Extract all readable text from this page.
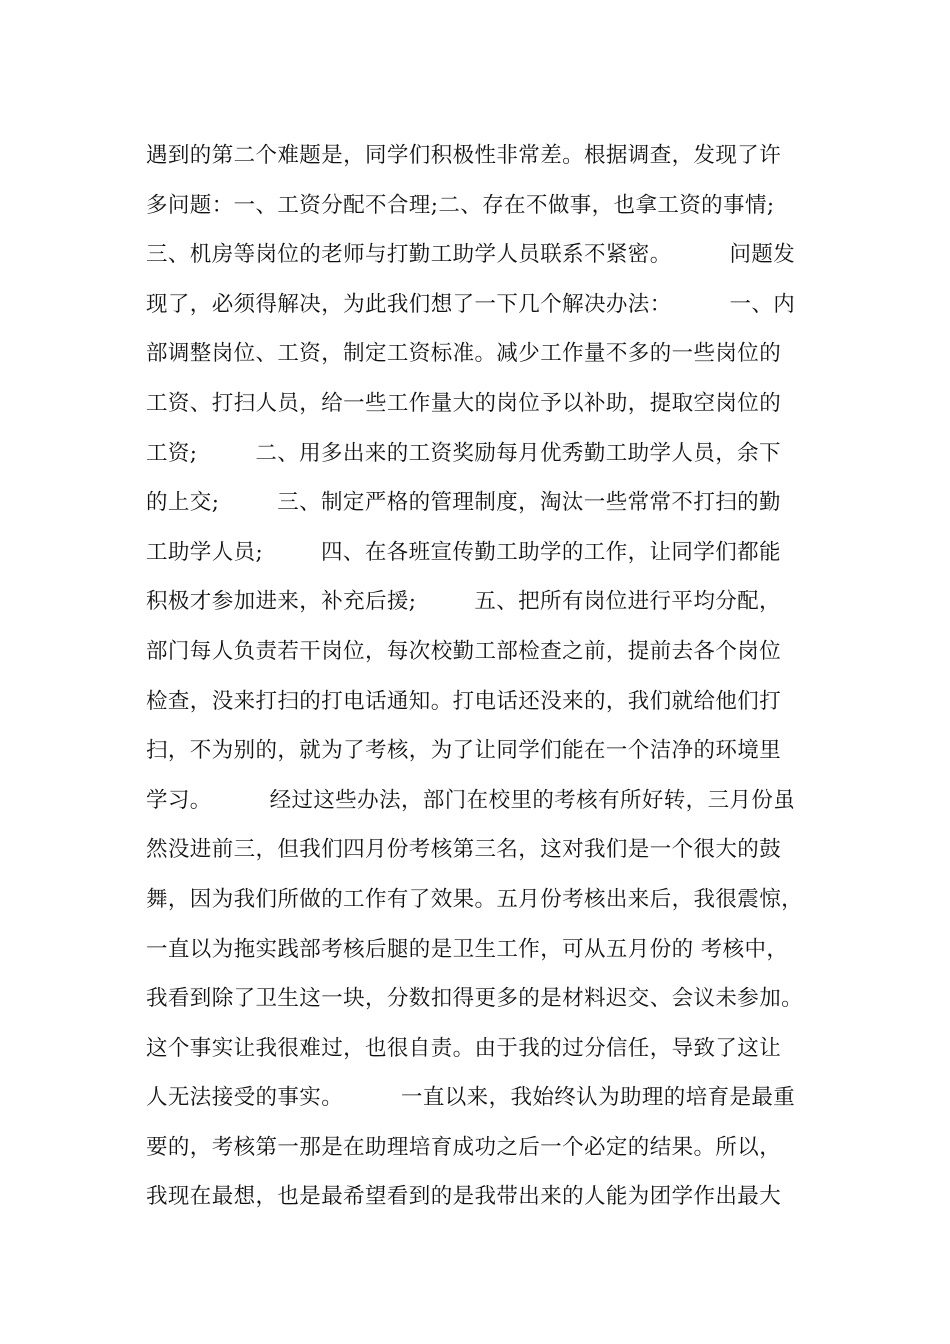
遇到的第二个难题是，同学们积极性非常差。根据调查，发现了许
多问题：一、工资分配不合理;二、存在不做事，也拿工资的事情;
三、机房等岗位的老师与打勤工助学人员联系不紧密。        问题发
现了，必须得解决，为此我们想了一下几个解决办法：        一、内
部调整岗位、工资，制定工资标准。减少工作量不多的一些岗位的
工资、打扫人员，给一些工作量大的岗位予以补助，提取空岗位的
工资;        二、用多出来的工资奖励每月优秀勤工助学人员，余下
的上交;        三、制定严格的管理制度，淘汰一些常常不打扫的勤
工助学人员;        四、在各班宣传勤工助学的工作，让同学们都能
积极才参加进来，补充后援;        五、把所有岗位进行平均分配，
部门每人负责若干岗位，每次校勤工部检查之前，提前去各个岗位
检查，没来打扫的打电话通知。打电话还没来的，我们就给他们打
扫，不为别的，就为了考核，为了让同学们能在一个洁净的环境里
学习。        经过这些办法，部门在校里的考核有所好转，三月份虽
然没进前三，但我们四月份考核第三名，这对我们是一个很大的鼓
舞，因为我们所做的工作有了效果。五月份考核出来后，我很震惊，
一直以为拖实践部考核后腿的是卫生工作，可从五月份的 考核中，
我看到除了卫生这一块，分数扣得更多的是材料迟交、会议未参加。
这个事实让我很难过，也很自责。由于我的过分信任，导致了这让
人无法接受的事实。        一直以来，我始终认为助理的培育是最重
要的，考核第一那是在助理培育成功之后一个必定的结果。所以，
我现在最想，也是最希望看到的是我带出来的人能为团学作出最大
